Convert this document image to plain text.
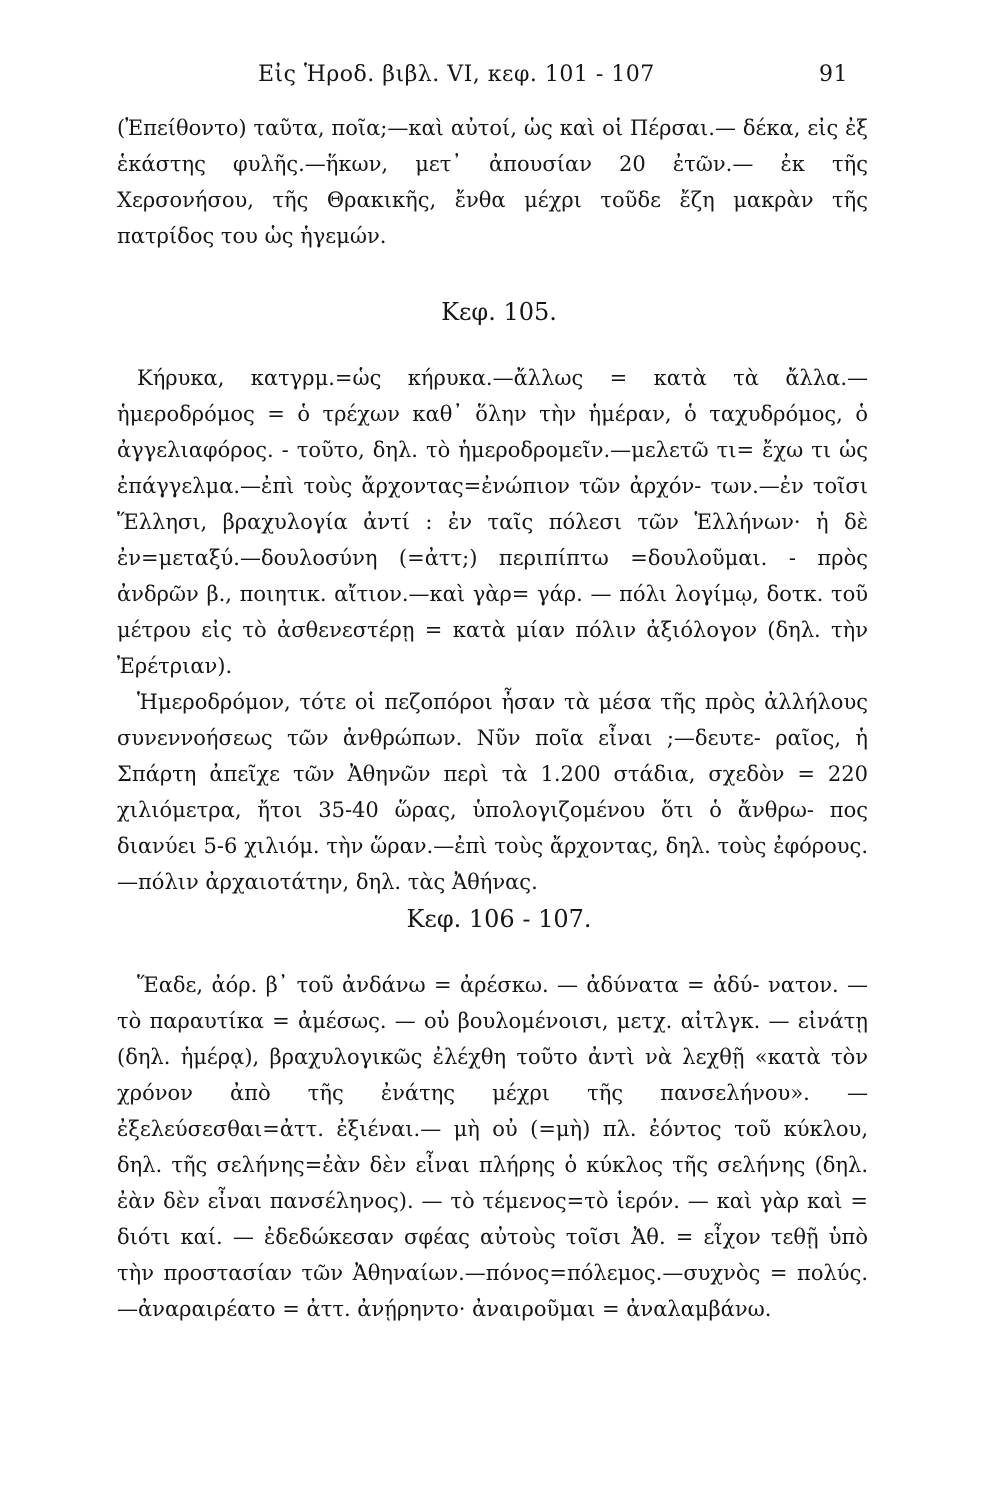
Εἰς Ἡροδ. βιβλ. VI, κεφ. 101 - 107	91

(Ἐπείθοντο) ταῦτα, ποῖα;—καὶ αὐτοί, ὡς καὶ οἱ Πέρσαι.— δέκα, εἰς ἐξ ἑκάστης φυλῆς.—ἥκων, μετ᾽ ἀπουσίαν 20 ἐτῶν.— ἐκ τῆς Χερσονήσου, τῆς Θρακικῆς, ἔνθα μέχρι τοῦδε ἔζη μακρὰν τῆς πατρίδος του ὡς ἡγεμών.

Κεφ. 105.

Κήρυκα, κατγρμ.=ὡς κήρυκα.—ἄλλως = κατὰ τὰ ἄλλα.— ἡμεροδρόμος = ὁ τρέχων καθ᾽ ὅλην τὴν ἡμέραν, ὁ ταχυδρόμος, ὁ ἀγγελιαφόρος. - τοῦτο, δηλ. τὸ ἡμεροδρομεῖν.—μελετῶ τι= ἔχω τι ὡς ἐπάγγελμα.—ἐπὶ τοὺς ἄρχοντας=ἐνώπιον τῶν ἀρχόν- των.—ἐν τοῖσι Ἕλλησι, βραχυλογία ἀντί : ἐν ταῖς πόλεσι τῶν Ἑλλήνων· ἡ δὲ ἐν=μεταξύ.—δουλοσύνη (=ἀττ;) περιπίπτω =δουλοῦμαι. - πρὸς ἀνδρῶν β., ποιητικ. αἴτιον.—καὶ γὰρ= γάρ. — πόλι λογίμῳ, δοτκ. τοῦ μέτρου εἰς τὸ ἀσθενεστέρῃ = κατὰ μίαν πόλιν ἀξιόλογον (δηλ. τὴν Ἐρέτριαν).

Ἡμεροδρόμον, τότε οἱ πεζοπόροι ἦσαν τὰ μέσα τῆς πρὸς ἀλλήλους συνεννοήσεως τῶν ἀνθρώπων. Νῦν ποῖα εἶναι ;—δευτε- ραῖος, ἡ Σπάρτη ἀπεῖχε τῶν Ἀθηνῶν περὶ τὰ 1.200 στάδια, σχεδὸν = 220 χιλιόμετρα, ἤτοι 35-40 ὥρας, ὑπολογιζομένου ὅτι ὁ ἄνθρω- πος διανύει 5-6 χιλιόμ. τὴν ὥραν.—ἐπὶ τοὺς ἄρχοντας, δηλ. τοὺς ἐφόρους.—πόλιν ἀρχαιοτάτην, δηλ. τὰς Ἀθήνας.

Κεφ. 106 - 107.

Ἕαδε, ἀόρ. β᾽ τοῦ ἀνδάνω = ἀρέσκω. — ἀδύνατα = ἀδύ- νατον. — τὸ παραυτίκα = ἀμέσως. — οὐ βουλομένοισι, μετχ. αἰτλγκ. — εἰνάτῃ (δηλ. ἡμέρᾳ), βραχυλογικῶς ἐλέχθη τοῦτο ἀντὶ νὰ λεχθῇ «κατὰ τὸν χρόνον ἀπὸ τῆς ἐνάτης μέχρι τῆς πανσελήνου». — ἐξελεύσεσθαι=ἀττ. ἐξιέναι.— μὴ οὐ (=μὴ) πλ. ἐόντος τοῦ κύκλου, δηλ. τῆς σελήνης=ἐὰν δὲν εἶναι πλήρης ὁ κύκλος τῆς σελήνης (δηλ. ἐὰν δὲν εἶναι πανσέληνος). — τὸ τέμενος=τὸ ἱερόν. — καὶ γὰρ καὶ = διότι καί. — ἐδεδώκεσαν σφέας αὐτοὺς τοῖσι Ἀθ. = εἶχον τεθῇ ὑπὸ τὴν προστασίαν τῶν Ἀθηναίων.—πόνος=πόλεμος.—συχνὸς = πολύς.—ἀναραιρέατο = ἀττ. ἀνῄρηντο· ἀναιροῦμαι = ἀναλαμβάνω.
